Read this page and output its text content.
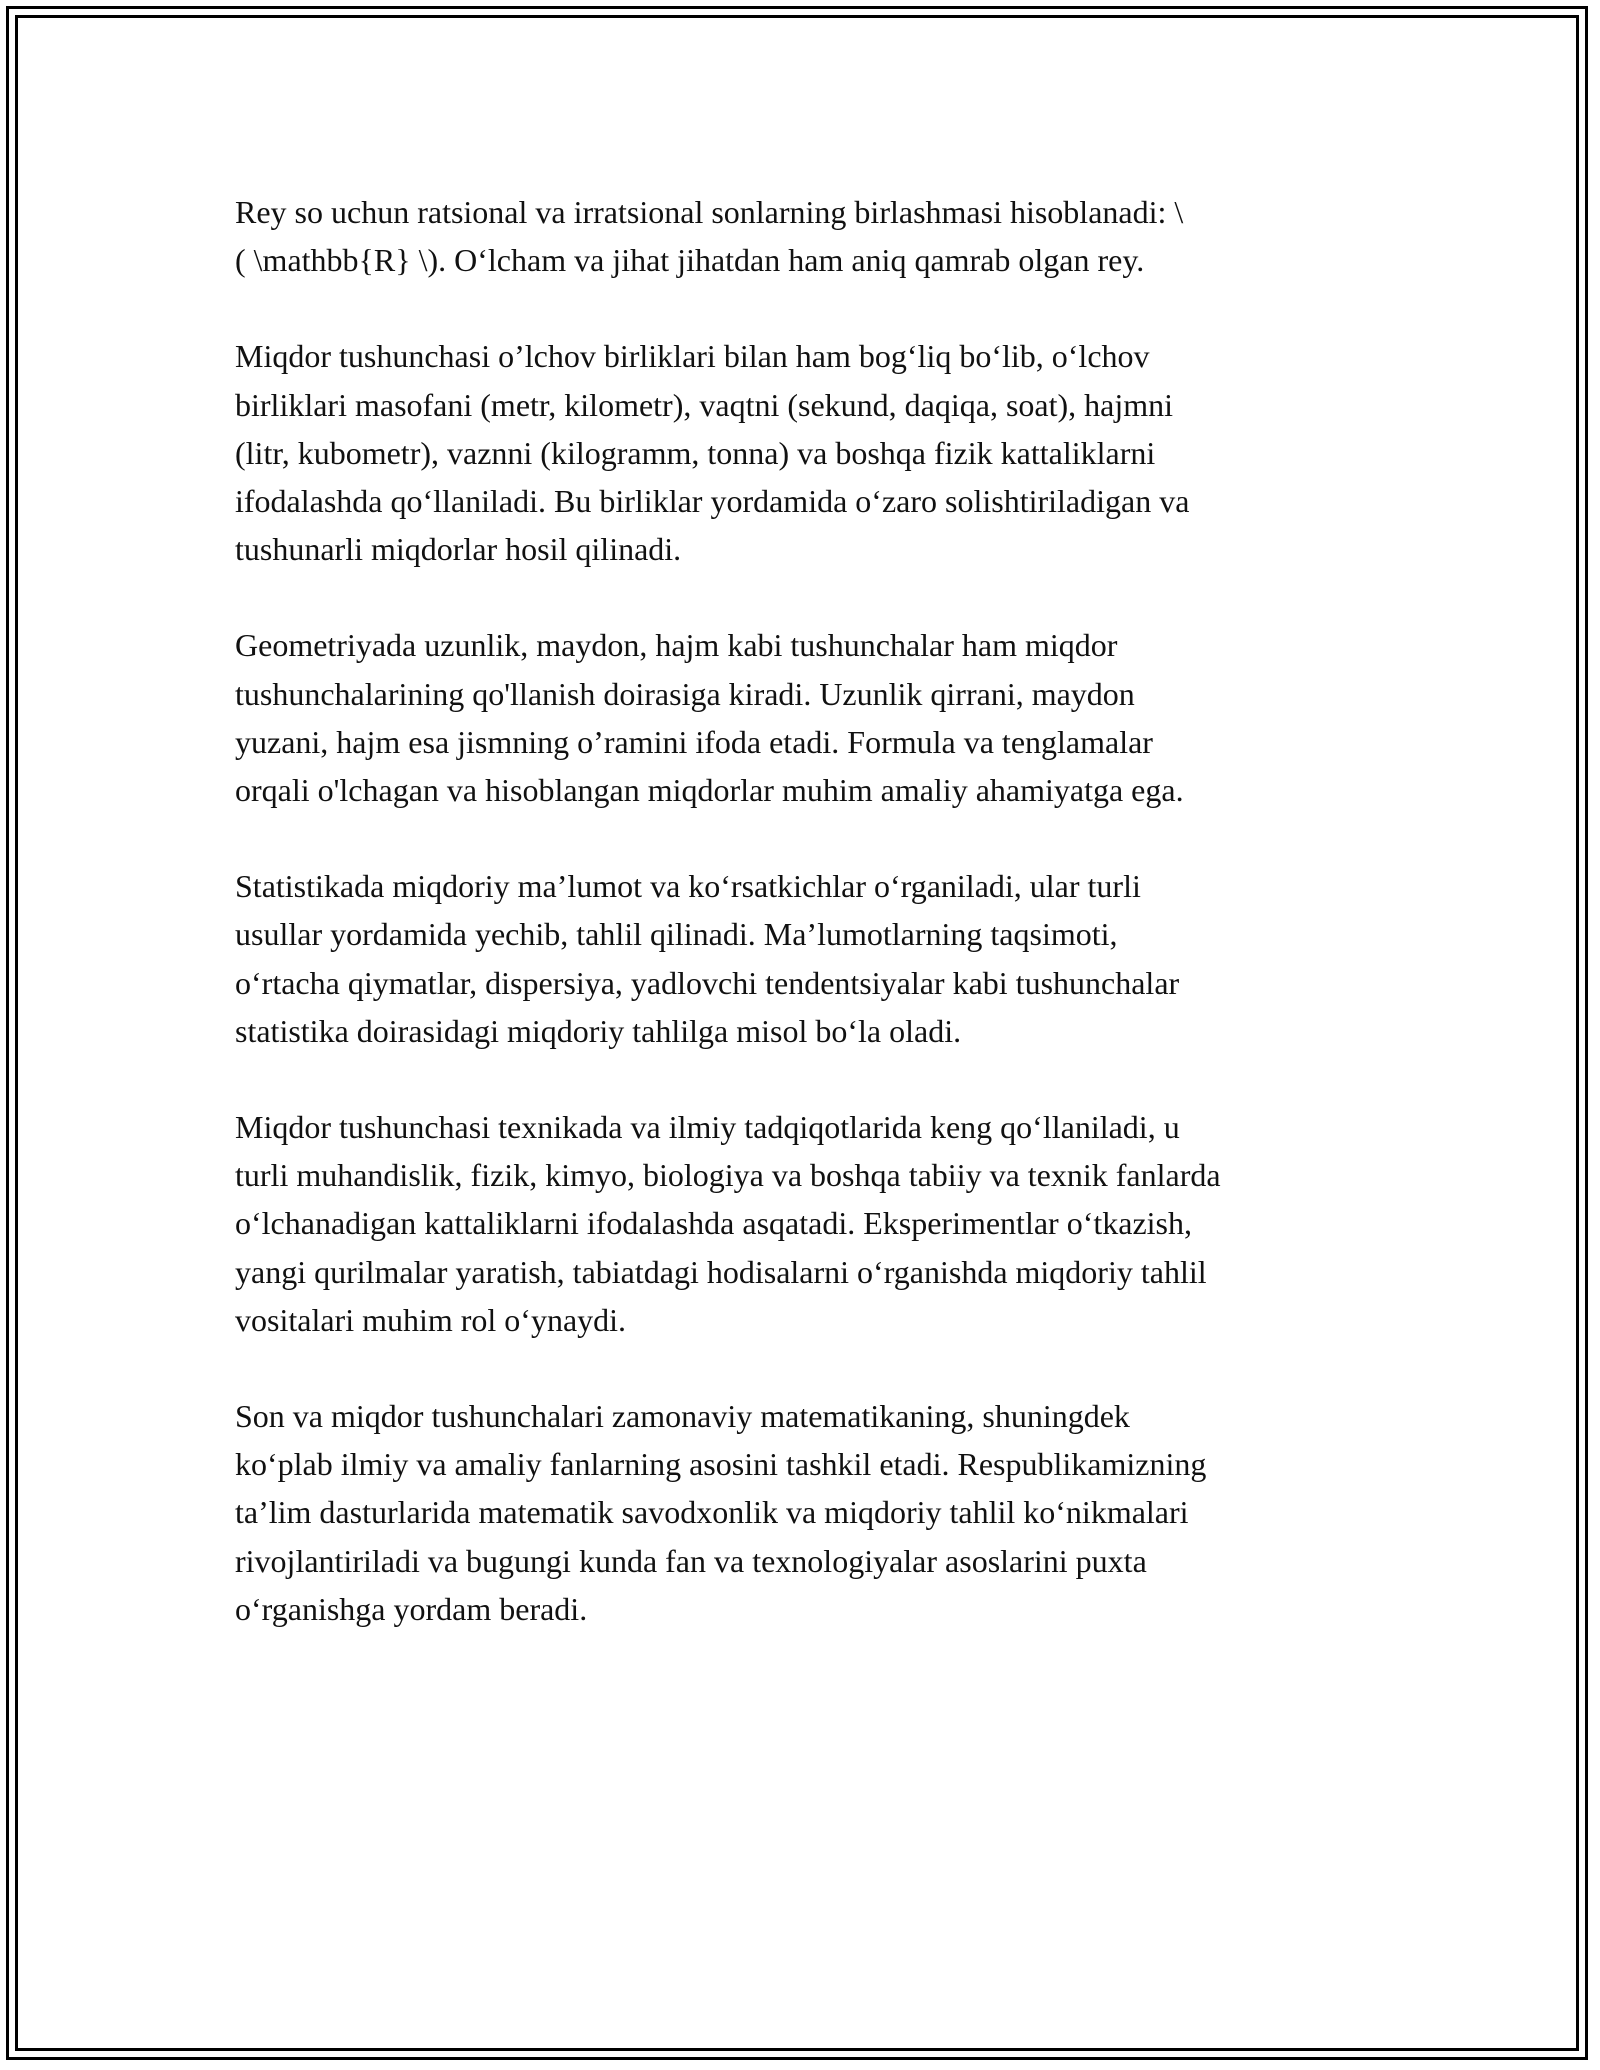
Rey so uchun ratsional va irratsional sonlarning birlashmasi hisoblanadi: \
( \mathbb{R} \). Oʻlcham va jihat jihatdan ham aniq qamrab olgan rey.

Miqdor tushunchasi o’lchov birliklari bilan ham bogʻliq boʻlib, oʻlchov
birliklari masofani (metr, kilometr), vaqtni (sekund, daqiqa, soat), hajmni
(litr, kubometr), vaznni (kilogramm, tonna) va boshqa fizik kattaliklarni
ifodalashda qoʻllaniladi. Bu birliklar yordamida oʻzaro solishtiriladigan va
tushunarli miqdorlar hosil qilinadi.

Geometriyada uzunlik, maydon, hajm kabi tushunchalar ham miqdor
tushunchalarining qo'llanish doirasiga kiradi. Uzunlik qirrani, maydon
yuzani, hajm esa jismning o’ramini ifoda etadi. Formula va tenglamalar
orqali o'lchagan va hisoblangan miqdorlar muhim amaliy ahamiyatga ega.

Statistikada miqdoriy ma’lumot va koʻrsatkichlar oʻrganiladi, ular turli
usullar yordamida yechib, tahlil qilinadi. Ma’lumotlarning taqsimoti,
oʻrtacha qiymatlar, dispersiya, yadlovchi tendentsiyalar kabi tushunchalar
statistika doirasidagi miqdoriy tahlilga misol boʻla oladi.

Miqdor tushunchasi texnikada va ilmiy tadqiqotlarida keng qoʻllaniladi, u
turli muhandislik, fizik, kimyo, biologiya va boshqa tabiiy va texnik fanlarda
oʻlchanadigan kattaliklarni ifodalashda asqatadi. Eksperimentlar oʻtkazish,
yangi qurilmalar yaratish, tabiatdagi hodisalarni oʻrganishda miqdoriy tahlil
vositalari muhim rol oʻynaydi.

Son va miqdor tushunchalari zamonaviy matematikaning, shuningdek
koʻplab ilmiy va amaliy fanlarning asosini tashkil etadi. Respublikamizning
ta’lim dasturlarida matematik savodxonlik va miqdoriy tahlil koʻnikmalari
rivojlantiriladi va bugungi kunda fan va texnologiyalar asoslarini puxta
oʻrganishga yordam beradi.
